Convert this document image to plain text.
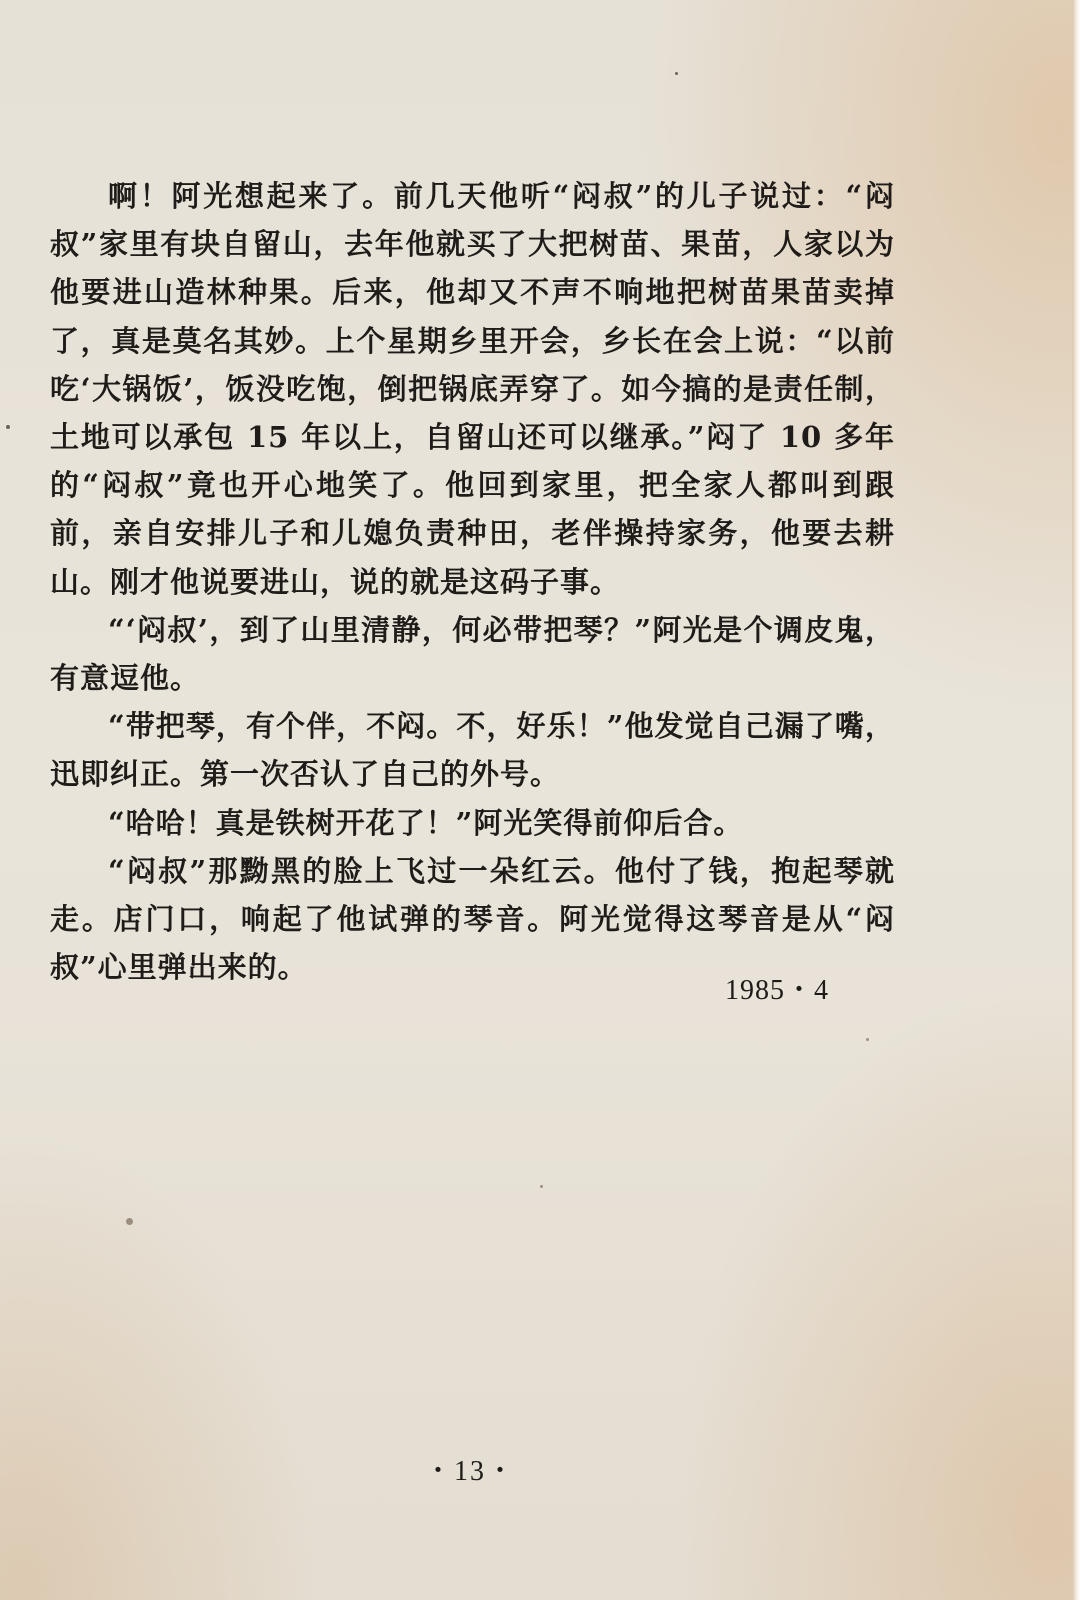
啊！阿光想起来了。前几天他听“闷叔”的儿子说过：“闷叔”家里有块自留山，去年他就买了大把树苗、果苗，人家以为他要进山造林种果。后来，他却又不声不响地把树苗果苗卖掉了，真是莫名其妙。上个星期乡里开会，乡长在会上说：“以前吃‘大锅饭’，饭没吃饱，倒把锅底弄穿了。如今搞的是责任制，土地可以承包 15 年以上，自留山还可以继承。”闷了 10 多年的“闷叔”竟也开心地笑了。他回到家里，把全家人都叫到跟前，亲自安排儿子和儿媳负责种田，老伴操持家务，他要去耕山。刚才他说要进山，说的就是这码子事。

“‘闷叔’，到了山里清静，何必带把琴？”阿光是个调皮鬼，有意逗他。

“带把琴，有个伴，不闷。不，好乐！”他发觉自己漏了嘴，迅即纠正。第一次否认了自己的外号。

“哈哈！真是铁树开花了！”阿光笑得前仰后合。

“闷叔”那黝黑的脸上飞过一朵红云。他付了钱，抱起琴就走。店门口，响起了他试弹的琴音。阿光觉得这琴音是从“闷叔”心里弹出来的。

1985・4
・13・
